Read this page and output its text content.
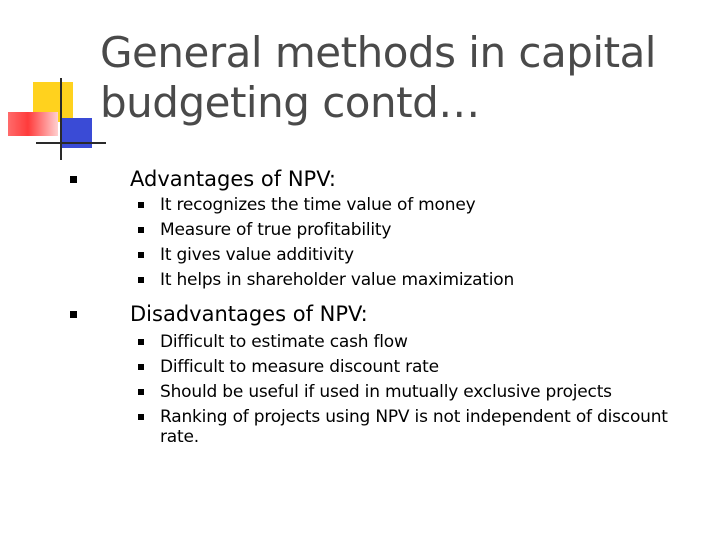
General methods in capital budgeting contd…
Advantages of NPV:
It recognizes the time value of money
Measure of true profitability
It gives value additivity
It helps in shareholder value maximization
Disadvantages of NPV:
Difficult to estimate cash flow
Difficult to measure discount rate
Should be useful if used in mutually exclusive projects
Ranking of projects using NPV is not independent of discount rate.
